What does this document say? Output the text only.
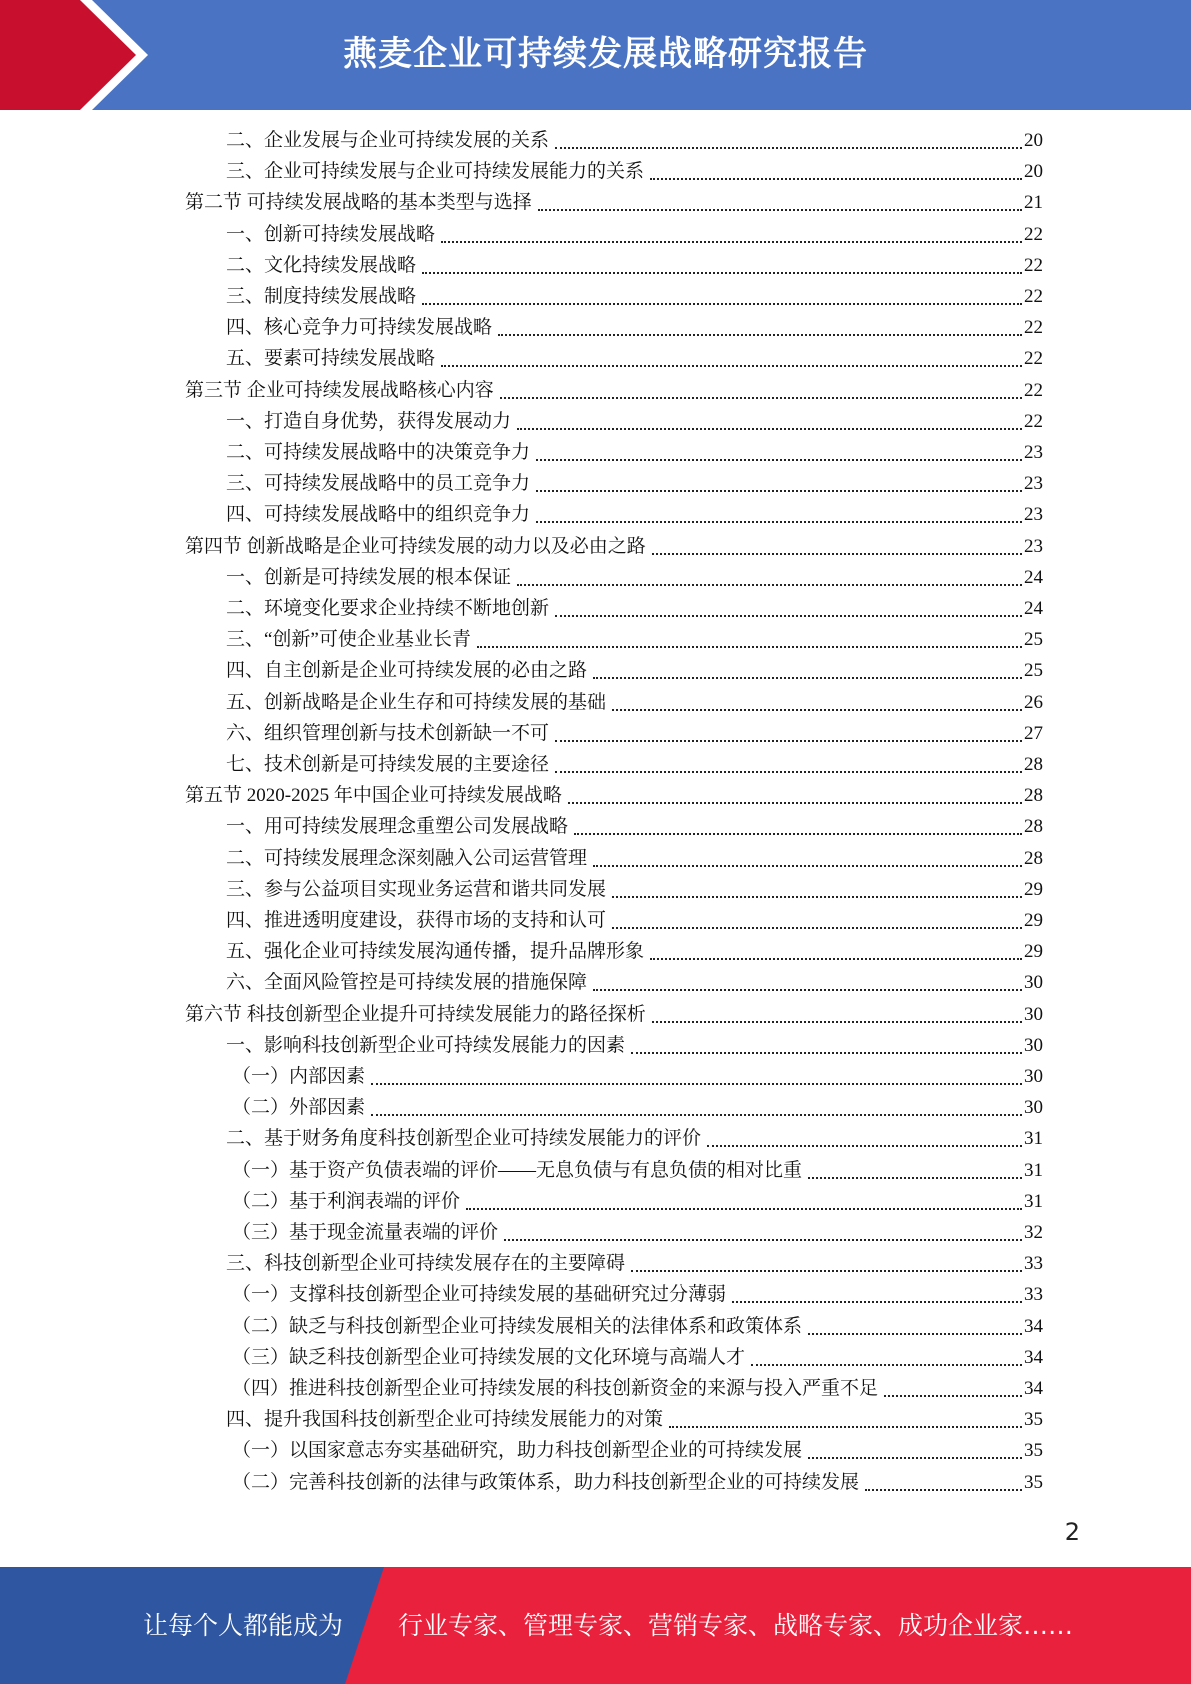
燕麦企业可持续发展战略研究报告
二、企业发展与企业可持续发展的关系	20
三、企业可持续发展与企业可持续发展能力的关系	20
第二节 可持续发展战略的基本类型与选择	21
一、创新可持续发展战略	22
二、文化持续发展战略	22
三、制度持续发展战略	22
四、核心竞争力可持续发展战略	22
五、要素可持续发展战略	22
第三节 企业可持续发展战略核心内容	22
一、打造自身优势，获得发展动力	22
二、可持续发展战略中的决策竞争力	23
三、可持续发展战略中的员工竞争力	23
四、可持续发展战略中的组织竞争力	23
第四节 创新战略是企业可持续发展的动力以及必由之路	23
一、创新是可持续发展的根本保证	24
二、环境变化要求企业持续不断地创新	24
三、“创新”可使企业基业长青	25
四、自主创新是企业可持续发展的必由之路	25
五、创新战略是企业生存和可持续发展的基础	26
六、组织管理创新与技术创新缺一不可	27
七、技术创新是可持续发展的主要途径	28
第五节 2020-2025 年中国企业可持续发展战略	28
一、用可持续发展理念重塑公司发展战略	28
二、可持续发展理念深刻融入公司运营管理	28
三、参与公益项目实现业务运营和谐共同发展	29
四、推进透明度建设，获得市场的支持和认可	29
五、强化企业可持续发展沟通传播，提升品牌形象	29
六、全面风险管控是可持续发展的措施保障	30
第六节 科技创新型企业提升可持续发展能力的路径探析	30
一、影响科技创新型企业可持续发展能力的因素	30
（一）内部因素	30
（二）外部因素	30
二、基于财务角度科技创新型企业可持续发展能力的评价	31
（一）基于资产负债表端的评价——无息负债与有息负债的相对比重	31
（二）基于利润表端的评价	31
（三）基于现金流量表端的评价	32
三、科技创新型企业可持续发展存在的主要障碍	33
（一）支撑科技创新型企业可持续发展的基础研究过分薄弱	33
（二）缺乏与科技创新型企业可持续发展相关的法律体系和政策体系	34
（三）缺乏科技创新型企业可持续发展的文化环境与高端人才	34
（四）推进科技创新型企业可持续发展的科技创新资金的来源与投入严重不足	34
四、提升我国科技创新型企业可持续发展能力的对策	35
（一）以国家意志夯实基础研究，助力科技创新型企业的可持续发展	35
（二）完善科技创新的法律与政策体系，助力科技创新型企业的可持续发展	35
2
让每个人都能成为 行业专家、管理专家、营销专家、战略专家、成功企业家……
